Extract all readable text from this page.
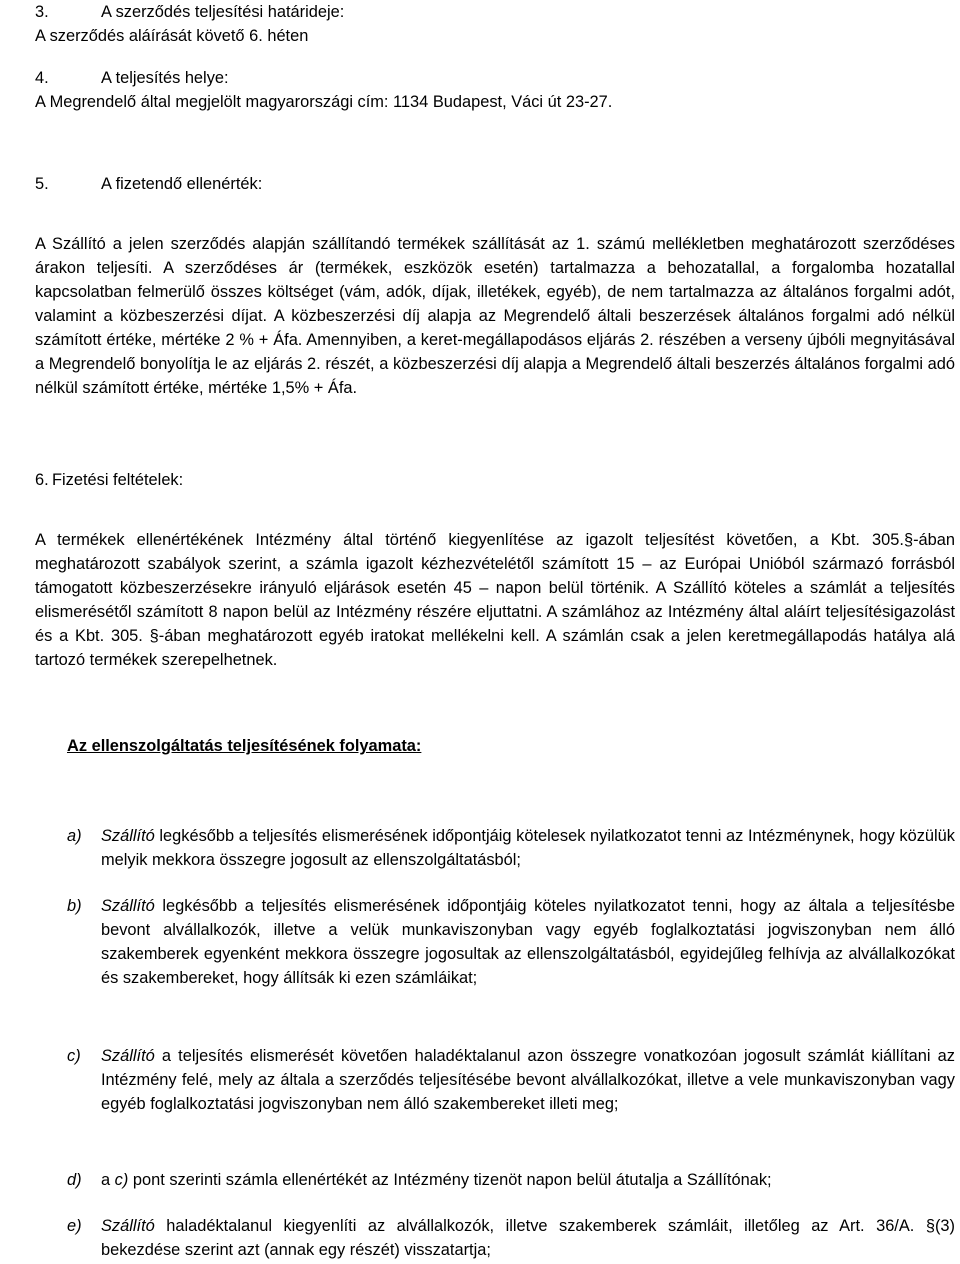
3.	A szerződés teljesítési határideje:
A szerződés aláírását követő 6. héten
4.	A teljesítés helye:
A Megrendelő által megjelölt magyarországi cím: 1134 Budapest, Váci út 23-27.
5.	A fizetendő ellenérték:

A Szállító a jelen szerződés alapján szállítandó termékek szállítását az 1. számú mellékletben meghatározott szerződéses árakon teljesíti. A szerződéses ár (termékek, eszközök esetén) tartalmazza a behozatallal, a forgalomba hozatallal kapcsolatban felmerülő összes költséget (vám, adók, díjak, illetékek, egyéb), de nem tartalmazza az általános forgalmi adót, valamint a közbeszerzési díjat. A közbeszerzési díj alapja az Megrendelő általi beszerzések általános forgalmi adó nélkül számított értéke, mértéke 2 % + Áfa. Amennyiben, a keret-megállapodásos eljárás 2. részében a verseny újbóli megnyitásával a Megrendelő bonyolítja le az eljárás 2. részét, a közbeszerzési díj alapja a Megrendelő általi beszerzés általános forgalmi adó nélkül számított értéke, mértéke 1,5% + Áfa.

6. Fizetési feltételek:

A termékek ellenértékének Intézmény által történő kiegyenlítése az igazolt teljesítést követően, a Kbt. 305.§-ában meghatározott szabályok szerint, a számla igazolt kézhezvételétől számított 15 – az Európai Unióból származó forrásból támogatott közbeszerzésekre irányuló eljárások esetén 45 – napon belül történik. A Szállító köteles a számlát a teljesítés elismerésétől számított 8 napon belül az Intézmény részére eljuttatni. A számlához az Intézmény által aláírt teljesítésigazolást és a Kbt. 305. §-ában meghatározott egyéb iratokat mellékelni kell. A számlán csak a jelen keretmegállapodás hatálya alá tartozó termékek szerepelhetnek.

Az ellenszolgáltatás teljesítésének folyamata:
a)	Szállító legkésőbb a teljesítés elismerésének időpontjáig kötelesek nyilatkozatot tenni az Intézménynek, hogy közülük melyik mekkora összegre jogosult az ellenszolgáltatásból;
b)	Szállító legkésőbb a teljesítés elismerésének időpontjáig köteles nyilatkozatot tenni, hogy az általa a teljesítésbe bevont alvállalkozók, illetve a velük munkaviszonyban vagy egyéb foglalkoztatási jogviszonyban nem álló szakemberek egyenként mekkora összegre jogosultak az ellenszolgáltatásból, egyidejűleg felhívja az alvállalkozókat és szakembereket, hogy állítsák ki ezen számláikat;
c)	Szállító a teljesítés elismerését követően haladéktalanul azon összegre vonatkozóan jogosult számlát kiállítani az Intézmény felé, mely az általa a szerződés teljesítésébe bevont alvállalkozókat, illetve a vele munkaviszonyban vagy egyéb foglalkoztatási jogviszonyban nem álló szakembereket illeti meg;
d)	a c) pont szerinti számla ellenértékét az Intézmény tizenöt napon belül átutalja a Szállítónak;
e)	Szállító haladéktalanul kiegyenlíti az alvállalkozók, illetve szakemberek számláit, illetőleg az Art. 36/A. §(3) bekezdése szerint azt (annak egy részét) visszatartja;
